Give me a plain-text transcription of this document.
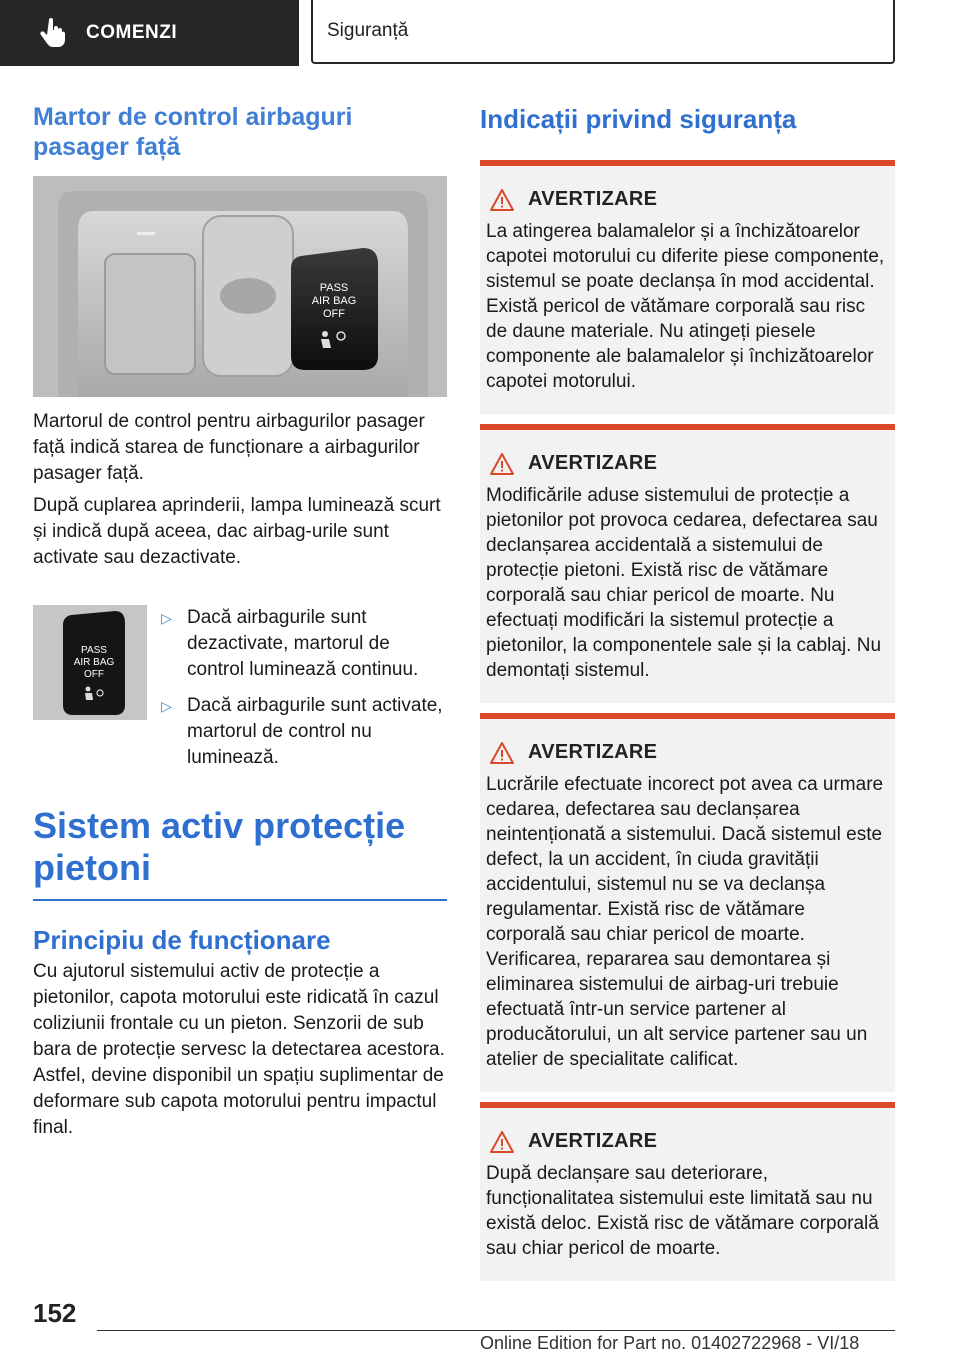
COMENZI	Siguranță
Martor de control airbaguri pasager față
PASS
AIR BAG
OFF

Martorul de control pentru airbagurilor pasager față indică starea de funcționare a airbagurilor pasager față.

După cuplarea aprinderii, lampa luminează scurt și indică după aceea, dac airbag-urile sunt activate sau dezactivate.

PASS
AIR BAG
OFF
▷ Dacă airbagurile sunt dezactivate, martorul de control luminează continuu.
▷ Dacă airbagurile sunt activate, martorul de control nu luminează.
Sistem activ protecție pietoni
Principiu de funcționare

Cu ajutorul sistemului activ de protecție a pietonilor, capota motorului este ridicată în cazul coliziunii frontale cu un pieton. Senzorii de sub bara de protecție servesc la detectarea acestora. Astfel, devine disponibil un spațiu suplimentar de deformare sub capota motorului pentru impactul final.

Indicații privind siguranța
AVERTIZARE

La atingerea balamalelor și a închizătoarelor capotei motorului cu diferite piese componente, sistemul se poate declanșa în mod accidental. Există pericol de vătămare corporală sau risc de daune materiale. Nu atingeți piesele componente ale balamalelor și închizătoarelor capotei motorului.

AVERTIZARE

Modificările aduse sistemului de protecție a pietonilor pot provoca cedarea, defectarea sau declanșarea accidentală a sistemului de protecție pietoni. Există risc de vătămare corporală sau chiar pericol de moarte. Nu efectuați modificări la sistemul protecție a pietonilor, la componentele sale și la cablaj. Nu demontați sistemul.

AVERTIZARE

Lucrările efectuate incorect pot avea ca urmare cedarea, defectarea sau declanșarea neintenționată a sistemului. Dacă sistemul este defect, la un accident, în ciuda gravității accidentului, sistemul nu se va declanșa regulamentar. Există risc de vătămare corporală sau chiar pericol de moarte. Verificarea, repararea sau demontarea și eliminarea sistemului de airbag-uri trebuie efectuată într-un service partener al producătorului, un alt service partener sau un atelier de specialitate calificat.

AVERTIZARE

După declanșare sau deteriorare, funcționalitatea sistemului este limitată sau nu există deloc. Există risc de vătămare corporală sau chiar pericol de moarte.

152
Online Edition for Part no. 01402722968 - VI/18
